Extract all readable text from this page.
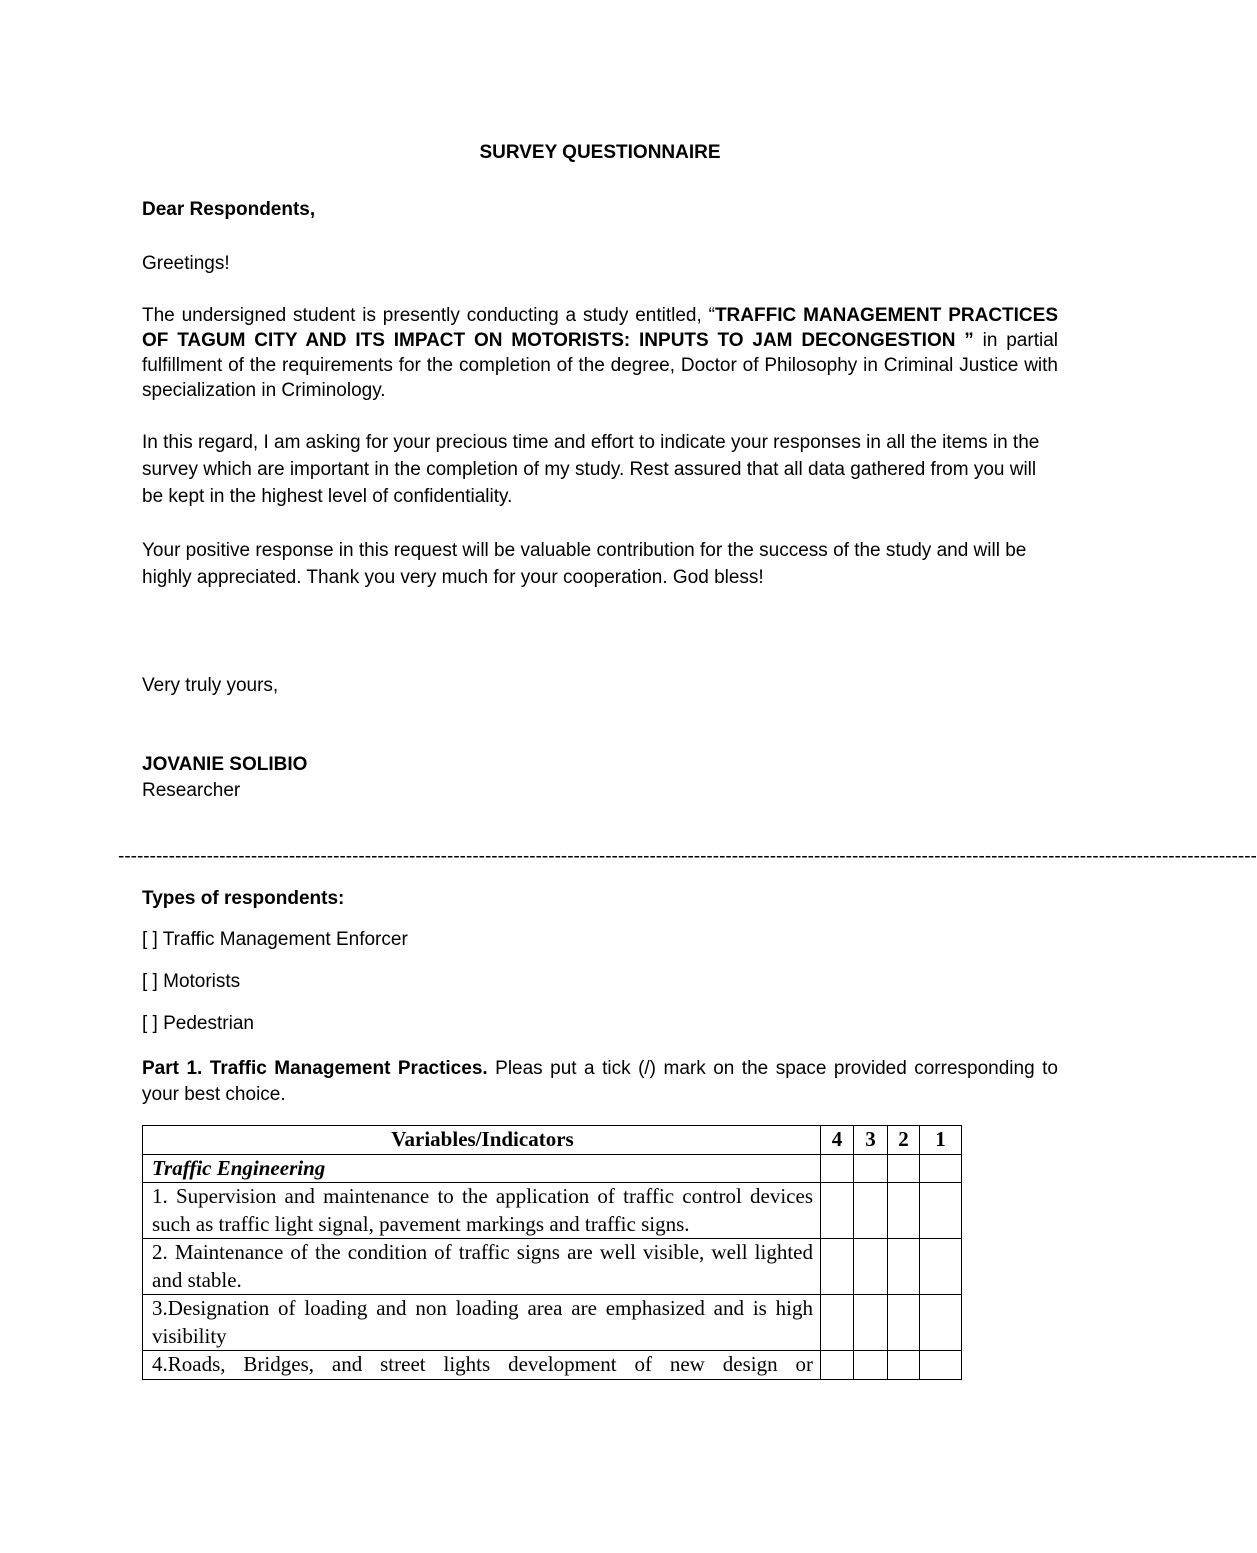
SURVEY QUESTIONNAIRE
Dear Respondents,
Greetings!
The undersigned student is presently conducting a study entitled, “TRAFFIC MANAGEMENT PRACTICES OF TAGUM CITY AND ITS IMPACT ON MOTORISTS: INPUTS TO JAM DECONGESTION ” in partial fulfillment of the requirements for the completion of the degree, Doctor of Philosophy in Criminal Justice with specialization in Criminology.
In this regard, I am asking for your precious time and effort to indicate your responses in all the items in the survey which are important in the completion of my study. Rest assured that all data gathered from you will be kept in the highest level of confidentiality.
Your positive response in this request will be valuable contribution for the success of the study and will be highly appreciated. Thank you very much for your cooperation. God bless!
Very truly yours,
JOVANIE SOLIBIO
Researcher
------------------------------------------------------------------------------------------------------------------------------------------------------------------------------------
Types of respondents:
[ ] Traffic Management Enforcer
[ ] Motorists
[ ] Pedestrian
Part 1. Traffic Management Practices. Pleas put a tick (/) mark on the space provided corresponding to your best choice.
Variables/Indicators	4	3	2	1
Traffic Engineering				
1. Supervision and maintenance to the application of traffic control devices such as traffic light signal, pavement markings and traffic signs.				
2. Maintenance of the condition of traffic signs are well visible, well lighted and stable.				
3.Designation of loading and non loading area are emphasized and is high visibility				
4.Roads, Bridges, and street lights development of new design or				
